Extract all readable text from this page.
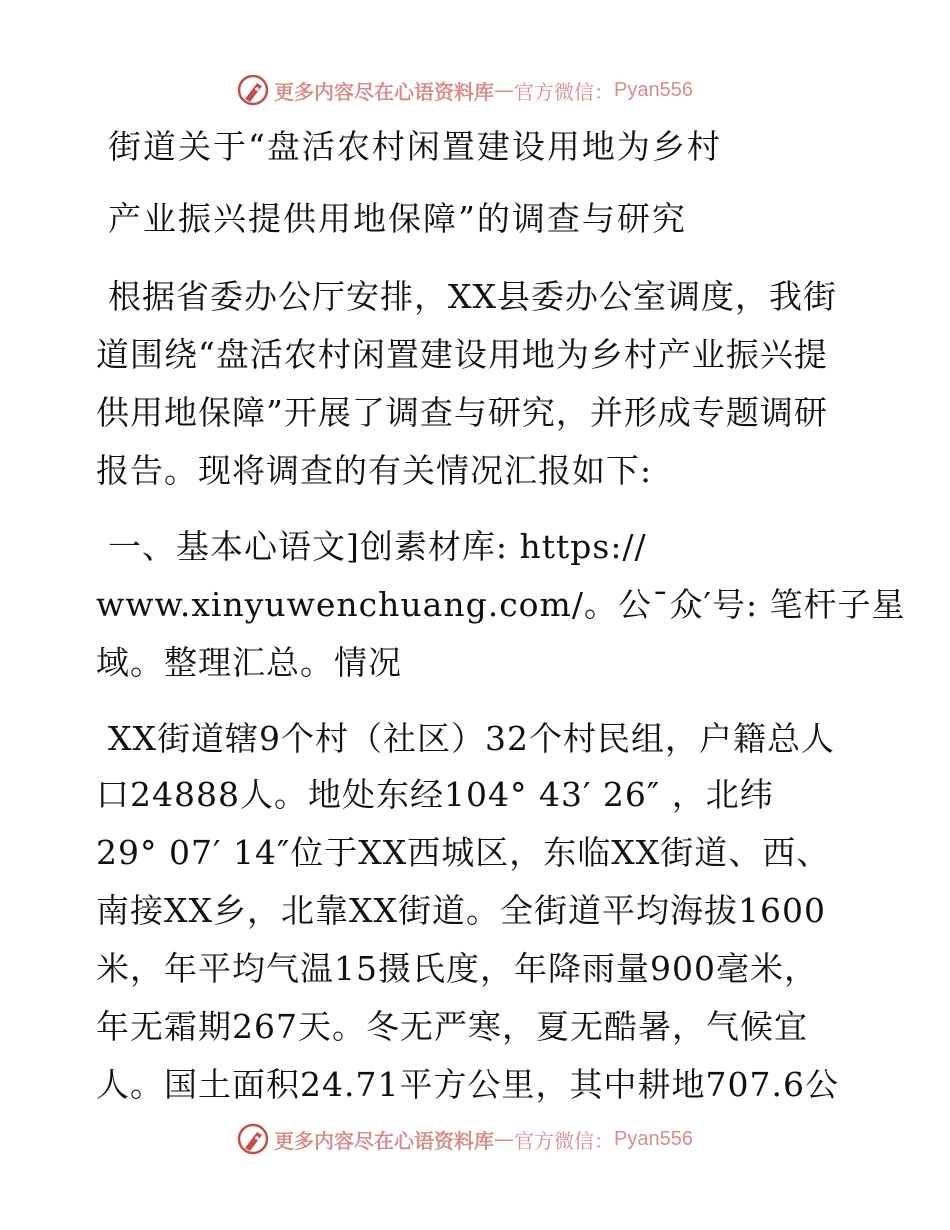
更多内容尽在心语资料库 — 官方微信： Pyan556
街道关于“盘活农村闲置建设用地为乡村
产业振兴提供用地保障”的调查与研究
根据省委办公厅安排，XX县委办公室调度，我街
道围绕“盘活农村闲置建设用地为乡村产业振兴提
供用地保障”开展了调查与研究，并形成专题调研
报告。现将调查的有关情况汇报如下:
一、基本心语文]创素材库: https://
www.xinyuwenchuang.com/。公¯众′号: 笔杆子星
域。整理汇总。情况
XX街道辖9个村（社区）32个村民组，户籍总人
口24888人。地处东经104° 43′ 26″ ，北纬
29° 07′ 14″位于XX西城区，东临XX街道、西、
南接XX乡，北靠XX街道。全街道平均海拔1600
米，年平均气温15摄氏度，年降雨量900毫米，
年无霜期267天。冬无严寒，夏无酷暑，气候宜
人。国土面积24.71平方公里，其中耕地707.6公
更多内容尽在心语资料库 — 官方微信： Pyan556
